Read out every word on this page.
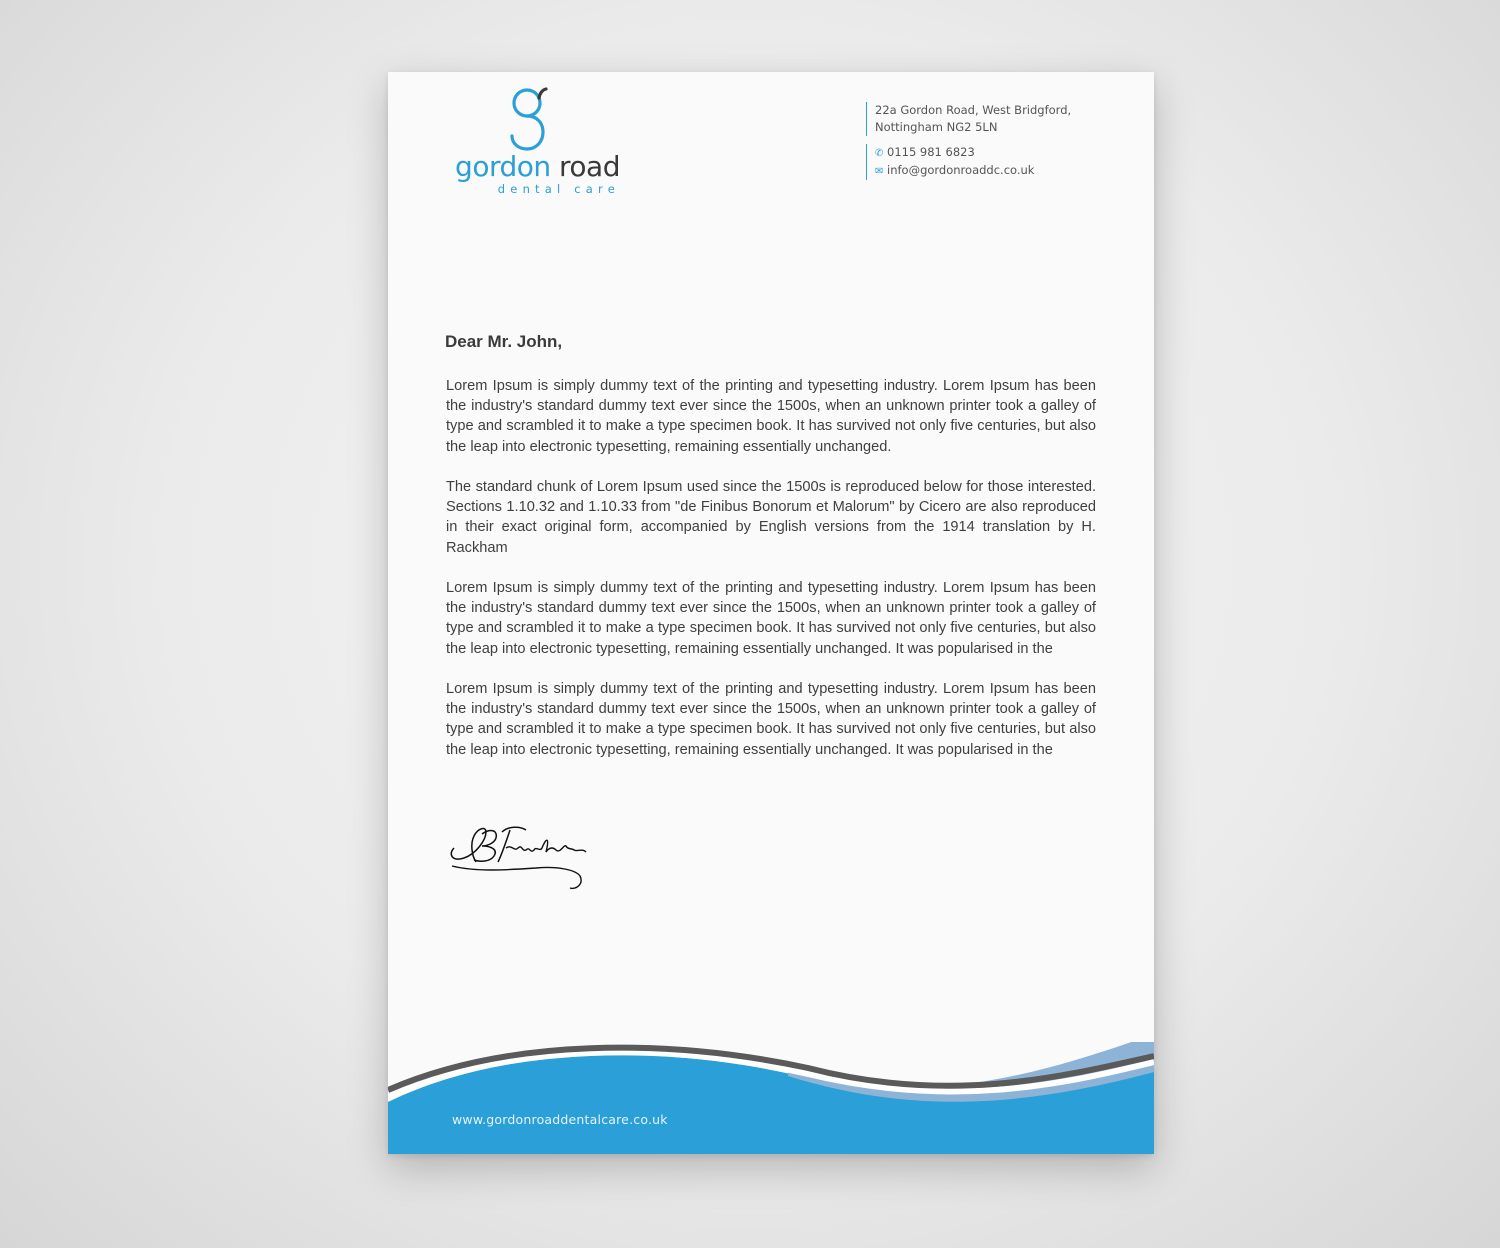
gordon road
dental care
22a Gordon Road, West Bridgford,
Nottingham NG2 5LN
✆ 0115 981 6823
✉ info@gordonroaddc.co.uk
Dear Mr. John,

Lorem Ipsum is simply dummy text of the printing and typesetting industry. Lorem Ipsum has been the industry's standard dummy text ever since the 1500s, when an unknown printer took a galley of type and scrambled it to make a type specimen book. It has survived not only five centuries, but also the leap into electronic typesetting, remaining essentially unchanged.

The standard chunk of Lorem Ipsum used since the 1500s is reproduced below for those interested. Sections 1.10.32 and 1.10.33 from "de Finibus Bonorum et Malorum" by Cicero are also reproduced in their exact original form, accompanied by English versions from the 1914 translation by H. Rackham

Lorem Ipsum is simply dummy text of the printing and typesetting industry. Lorem Ipsum has been the industry's standard dummy text ever since the 1500s, when an unknown printer took a galley of type and scrambled it to make a type specimen book. It has survived not only five centuries, but also the leap into electronic typesetting, remaining essentially unchanged. It was popularised in the

Lorem Ipsum is simply dummy text of the printing and typesetting industry. Lorem Ipsum has been the industry's standard dummy text ever since the 1500s, when an unknown printer took a galley of type and scrambled it to make a type specimen book. It has survived not only five centuries, but also the leap into electronic typesetting, remaining essentially unchanged. It was popularised in the

www.gordonroaddentalcare.co.uk
